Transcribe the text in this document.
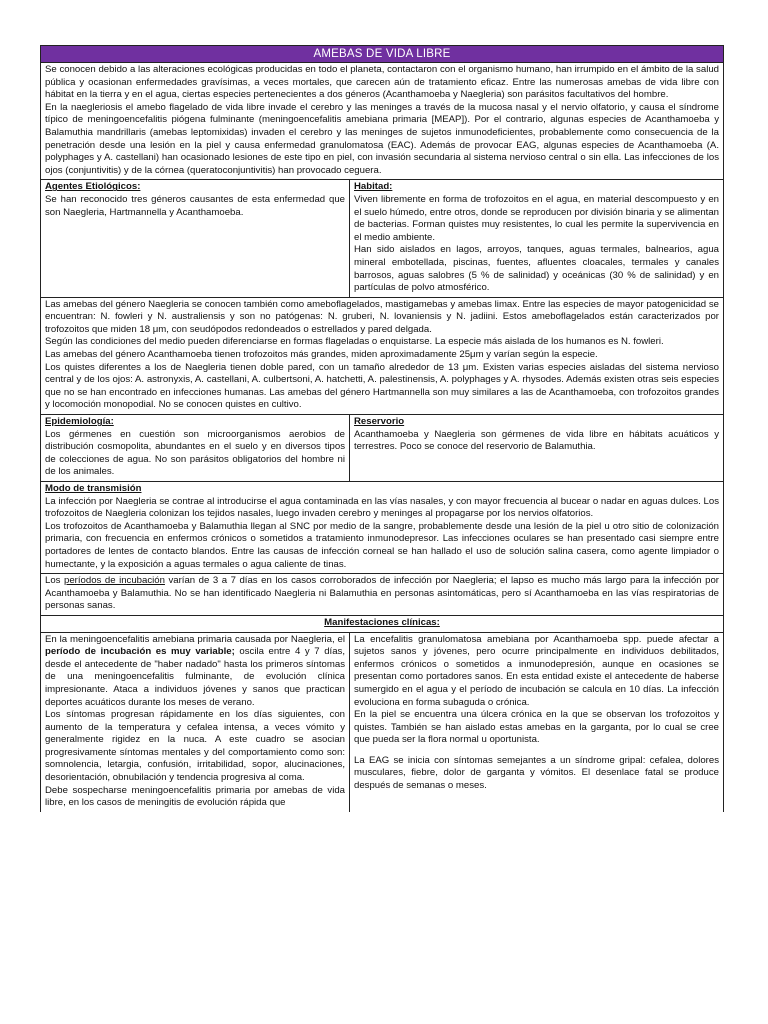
AMEBAS DE VIDA LIBRE

Se conocen debido a las alteraciones ecológicas producidas en todo el planeta, contactaron con el organismo humano, han irrumpido en el ámbito de la salud pública y ocasionan enfermedades gravísimas, a veces mortales, que carecen aún de tratamiento eficaz. Entre las numerosas amebas de vida libre con hábitat en la tierra y en el agua, ciertas especies pertenecientes a dos géneros (Acanthamoeba y Naegleria) son parásitos facultativos del hombre.

En la naegleriosis el amebo flagelado de vida libre invade el cerebro y las meninges a través de la mucosa nasal y el nervio olfatorio, y causa el síndrome típico de meningoencefalitis piógena fulminante (meningoencefalitis amebiana primaria [MEAP]). Por el contrario, algunas especies de Acanthamoeba y Balamuthia mandrillaris (amebas leptomixidas) invaden el cerebro y las meninges de sujetos inmunodeficientes, probablemente como consecuencia de la penetración desde una lesión en la piel y causa enfermedad granulomatosa (EAC). Además de provocar EAG, algunas especies de Acanthamoeba (A. polyphages y A. castellani) han ocasionado lesiones de este tipo en piel, con invasión secundaria al sistema nervioso central o sin ella. Las infecciones de los ojos (conjuntivitis) y de la córnea (queratoconjuntivitis) han provocado ceguera.

Agentes Etiológicos:

Se han reconocido tres géneros causantes de esta enfermedad que son Naegleria, Hartmannella y Acanthamoeba.

Habitad:

Viven libremente en forma de trofozoitos en el agua, en material descompuesto y en el suelo húmedo, entre otros, donde se reproducen por división binaria y se alimentan de bacterias. Forman quistes muy resistentes, lo cual les permite la supervivencia en el medio ambiente.

Han sido aislados en lagos, arroyos, tanques, aguas termales, balnearios, agua mineral embotellada, piscinas, fuentes, afluentes cloacales, termales y canales barrosos, aguas salobres (5 % de salinidad) y oceánicas (30 % de salinidad) y en partículas de polvo atmosférico.

Las amebas del género Naegleria se conocen también como ameboflagelados, mastigamebas y amebas limax. Entre las especies de mayor patogenicidad se encuentran: N. fowleri y N. australiensis y son no patógenas: N. gruberi, N. lovaniensis y N. jadiini. Estos ameboflagelados están caracterizados por trofozoitos que miden 18 μm, con seudópodos redondeados o estrellados y pared delgada.

Según las condiciones del medio pueden diferenciarse en formas flageladas o enquistarse. La especie más aislada de los humanos es N. fowleri.

Las amebas del género Acanthamoeba tienen trofozoitos más grandes, miden aproximadamente 25μm y varían según la especie.

Los quistes diferentes a los de Naegleria tienen doble pared, con un tamaño alrededor de 13 μm. Existen varias especies aisladas del sistema nervioso central y de los ojos: A. astronyxis, A. castellani, A. culbertsoni, A. hatchetti, A. palestinensis, A. polyphages y A. rhysodes. Además existen otras seis especies que no se han encontrado en infecciones humanas. Las amebas del género Hartmannella son muy similares a las de Acanthamoeba, con trofozoitos grandes y locomoción monopodial. No se conocen quistes en cultivo.

Epidemiología:

Los gérmenes en cuestión son microorganismos aerobios de distribución cosmopolita, abundantes en el suelo y en diversos tipos de colecciones de agua. No son parásitos obligatorios del hombre ni de los animales.

Reservorio

Acanthamoeba y Naegleria son gérmenes de vida libre en hábitats acuáticos y terrestres. Poco se conoce del reservorio de Balamuthia.

Modo de transmisión

La infección por Naegleria se contrae al introducirse el agua contaminada en las vías nasales, y con mayor frecuencia al bucear o nadar en aguas dulces. Los trofozoitos de Naegleria colonizan los tejidos nasales, luego invaden cerebro y meninges al propagarse por los nervios olfatorios.

Los trofozoitos de Acanthamoeba y Balamuthia llegan al SNC por medio de la sangre, probablemente desde una lesión de la piel u otro sitio de colonización primaria, con frecuencia en enfermos crónicos o sometidos a tratamiento inmunodepresor. Las infecciones oculares se han presentado casi siempre entre portadores de lentes de contacto blandos. Entre las causas de infección corneal se han hallado el uso de solución salina casera, como agente limpiador o humectante, y la exposición a aguas termales o agua caliente de tinas.

Los períodos de incubación varían de 3 a 7 días en los casos corroborados de infección por Naegleria; el lapso es mucho más largo para la infección por Acanthamoeba y Balamuthia. No se han identificado Naegleria ni Balamuthia en personas asintomáticas, pero sí Acanthamoeba en las vías respiratorias de personas sanas.

Manifestaciones clínicas:

En la meningoencefalitis amebiana primaria causada por Naegleria, el período de incubación es muy variable; oscila entre 4 y 7 días, desde el antecedente de "haber nadado" hasta los primeros síntomas de una meningoencefalitis fulminante, de evolución clínica impresionante. Ataca a individuos jóvenes y sanos que practican deportes acuáticos durante los meses de verano.

Los síntomas progresan rápidamente en los días siguientes, con aumento de la temperatura y cefalea intensa, a veces vómito y generalmente rigidez en la nuca. A este cuadro se asocian progresivamente síntomas mentales y del comportamiento como son: somnolencia, letargia, confusión, irritabilidad, sopor, alucinaciones, desorientación, obnubilación y tendencia progresiva al coma.

Debe sospecharse meningoencefalitis primaria por amebas de vida libre, en los casos de meningitis de evolución rápida que

La encefalitis granulomatosa amebiana por Acanthamoeba spp. puede afectar a sujetos sanos y jóvenes, pero ocurre principalmente en individuos debilitados, enfermos crónicos o sometidos a inmunodepresión, aunque en ocasiones se presentan como portadores sanos. En esta entidad existe el antecedente de haberse sumergido en el agua y el período de incubación se calcula en 10 días. La infección evoluciona en forma subaguda o crónica.

En la piel se encuentra una úlcera crónica en la que se observan los trofozoitos y quistes. También se han aislado estas amebas en la garganta, por lo cual se cree que pueda ser la flora normal u oportunista.

La EAG se inicia con síntomas semejantes a un síndrome gripal: cefalea, dolores musculares, fiebre, dolor de garganta y vómitos. El desenlace fatal se produce después de semanas o meses.
